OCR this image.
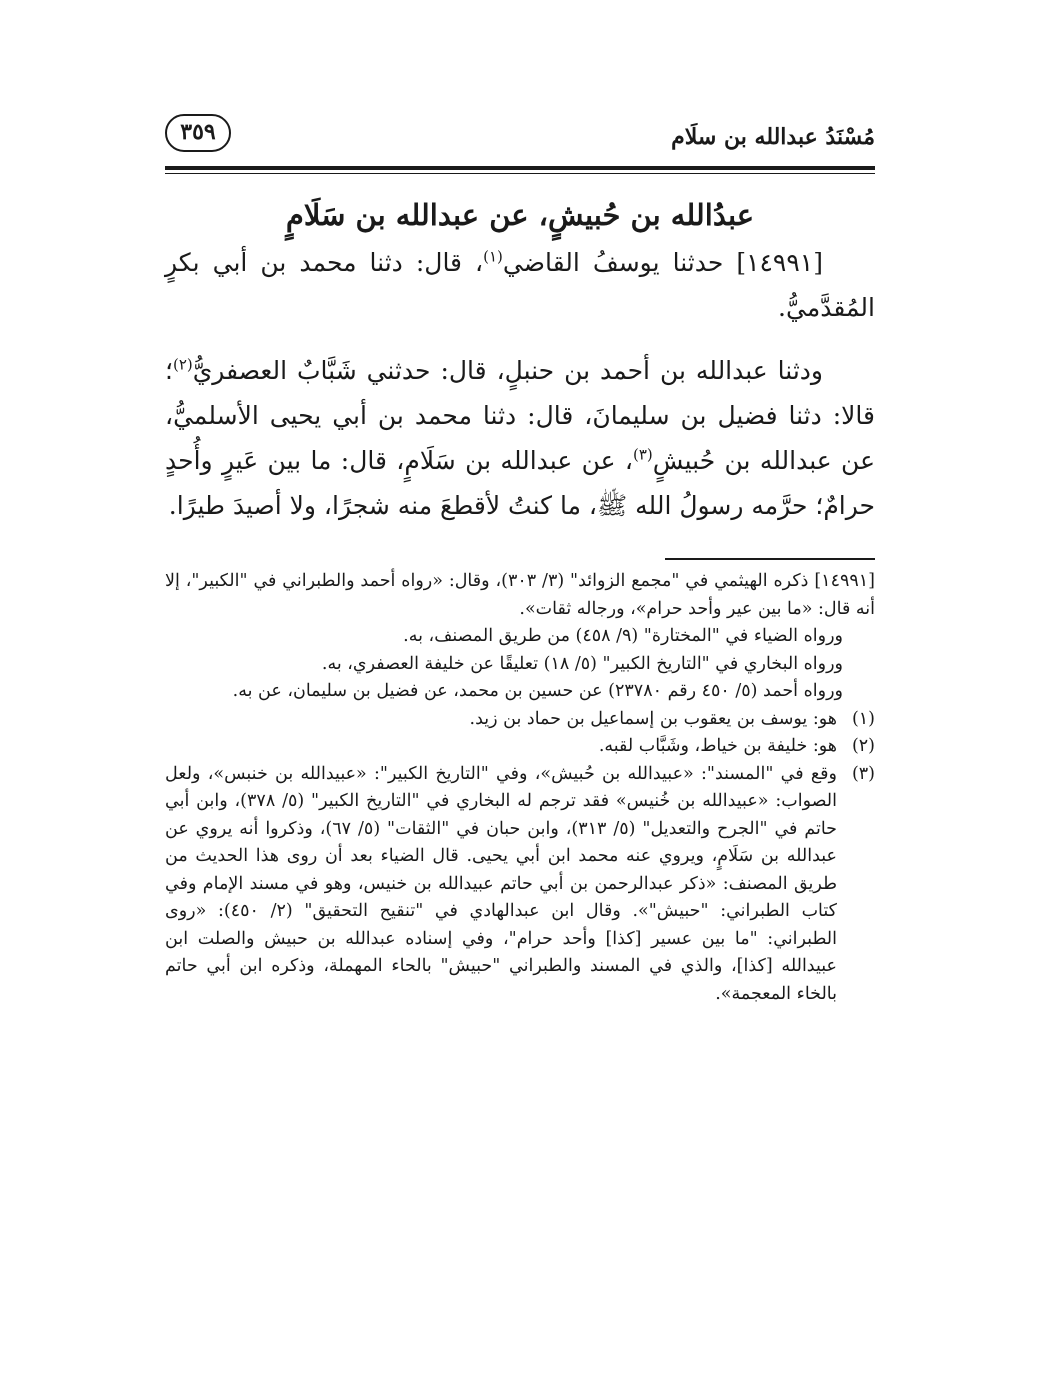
مُسْنَدُ عبدالله بن سلَام
٣٥٩
عبدُالله بن حُبيشٍ، عن عبدالله بن سَلَامٍ

[١٤٩٩١] حدثنا يوسفُ القاضي$^{(١)}$، قال: دثنا محمد بن أبي بكرٍ المُقدَّميُّ.

ودثنا عبدالله بن أحمد بن حنبلٍ، قال: حدثني شَبَّابٌ العصفريُّ$^{(٢)}$؛ قالا: دثنا فضيل بن سليمانَ، قال: دثنا محمد بن أبي يحيى الأسلميُّ، عن عبدالله بن حُبيشٍ$^{(٣)}$، عن عبدالله بن سَلَامٍ، قال: ما بين عَيرٍ وأُحدٍ حرامٌ؛ حرَّمه رسولُ الله ﷺ، ما كنتُ لأقطعَ منه شجرًا، ولا أصيدَ طيرًا.

[١٤٩٩١] ذكره الهيثمي في "مجمع الزوائد" (٣/ ٣٠٣)، وقال: «رواه أحمد والطبراني في "الكبير"، إلا أنه قال: «ما بين عير وأحد حرام»، ورجاله ثقات».

ورواه الضياء في "المختارة" (٩/ ٤٥٨) من طريق المصنف، به.

ورواه البخاري في "التاريخ الكبير" (٥/ ١٨) تعليقًا عن خليفة العصفري، به.

ورواه أحمد (٥/ ٤٥٠ رقم ٢٣٧٨٠) عن حسين بن محمد، عن فضيل بن سليمان، عن به.

(١)
هو: يوسف بن يعقوب بن إسماعيل بن حماد بن زيد.
(٢)
هو: خليفة بن خياط، وشَبَّاب لقبه.
(٣)
وقع في "المسند": «عبيدالله بن حُبيش»، وفي "التاريخ الكبير": «عبيدالله بن خنبس»، ولعل الصواب: «عبيدالله بن خُنيس» فقد ترجم له البخاري في "التاريخ الكبير" (٥/ ٣٧٨)، وابن أبي حاتم في "الجرح والتعديل" (٥/ ٣١٣)، وابن حبان في "الثقات" (٥/ ٦٧)، وذكروا أنه يروي عن عبدالله بن سَلَامٍ، ويروي عنه محمد ابن أبي يحيى. قال الضياء بعد أن روى هذا الحديث من طريق المصنف: «ذكر عبدالرحمن بن أبي حاتم عبيدالله بن خنيس، وهو في مسند الإمام وفي كتاب الطبراني: "حبيش"». وقال ابن عبدالهادي في "تنقيح التحقيق" (٢/ ٤٥٠): «روى الطبراني: "ما بين عسير [كذا] وأحد حرام"، وفي إسناده عبدالله بن حبيش والصلت ابن عبيدالله [كذا]، والذي في المسند والطبراني "حبيش" بالحاء المهملة، وذكره ابن أبي حاتم بالخاء المعجمة».
